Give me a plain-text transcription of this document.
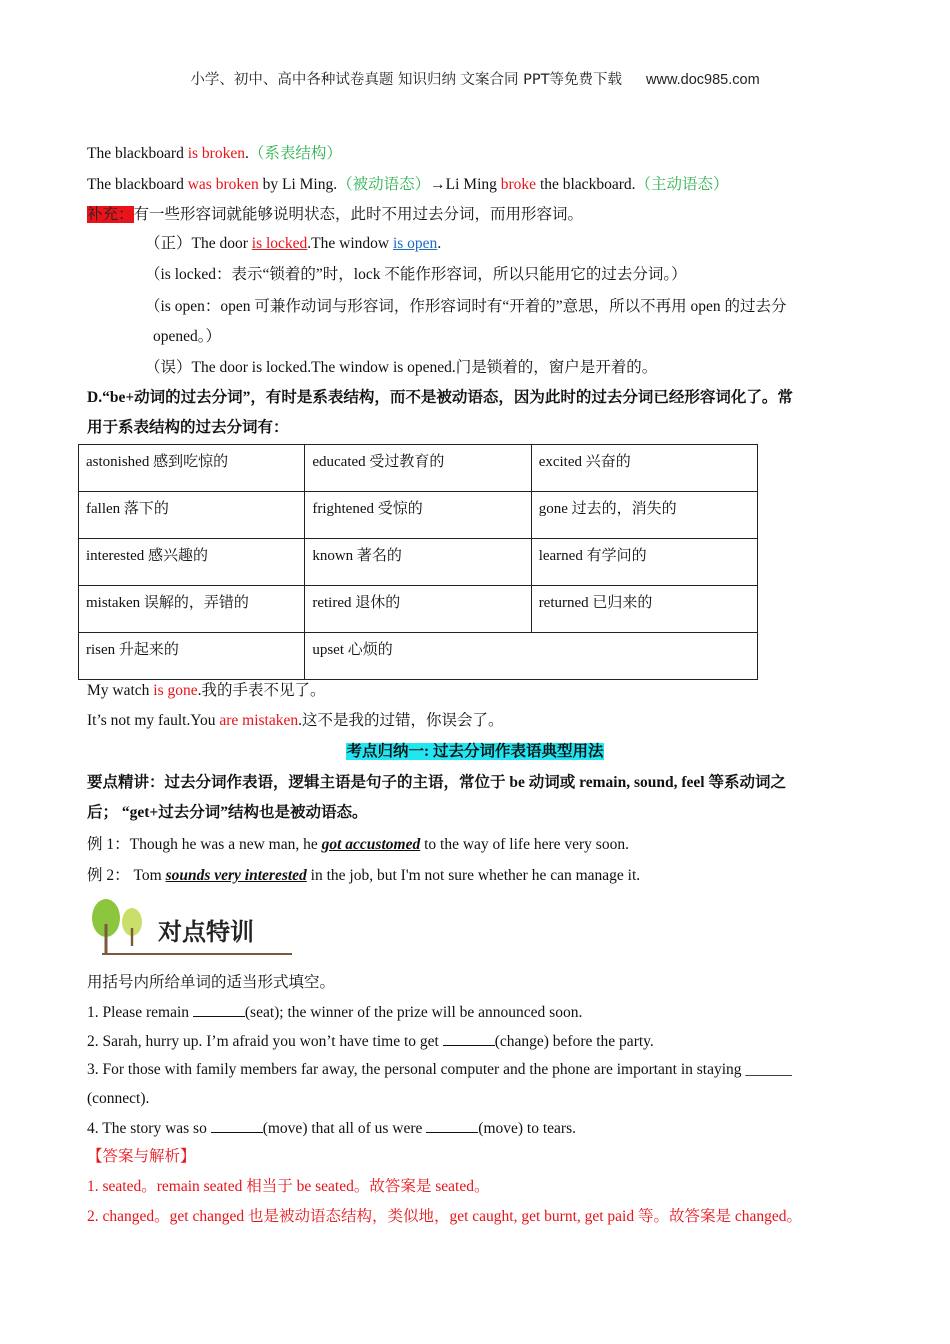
小学、初中、高中各种试卷真题 知识归纳 文案合同 PPT等免费下载 www.doc985.com
The blackboard is broken.（系表结构）
The blackboard was broken by Li Ming.（被动语态）→Li Ming broke the blackboard.（主动语态）
补充：有一些形容词就能够说明状态，此时不用过去分词，而用形容词。
（正）The door is locked.The window is open.
（is locked：表示“锁着的”时，lock 不能作形容词，所以只能用它的过去分词。）
（is open：open 可兼作动词与形容词，作形容词时有“开着的”意思，所以不再用 open 的过去分
opened。）
（误）The door is locked.The window is opened.门是锁着的，窗户是开着的。
D.“be+动词的过去分词”，有时是系表结构，而不是被动语态，因为此时的过去分词已经形容词化了。常
用于系表结构的过去分词有：
astonished 感到吃惊的	educated 受过教育的	excited 兴奋的
fallen 落下的	frightened 受惊的	gone 过去的，消失的
interested 感兴趣的	known 著名的	learned 有学问的
mistaken 误解的，弄错的	retired 退休的	returned 已归来的
risen 升起来的	upset 心烦的	
My watch is gone.我的手表不见了。
It’s not my fault.You are mistaken.这不是我的过错，你误会了。
考点归纳一: 过去分词作表语典型用法
要点精讲：过去分词作表语，逻辑主语是句子的主语，常位于 be 动词或 remain, sound, feel 等系动词之
后； “get+过去分词”结构也是被动语态。
例 1：Though he was a new man, he got accustomed to the way of life here very soon.
例 2： Tom sounds very interested in the job, but I'm not sure whether he can manage it.
对点特训
用括号内所给单词的适当形式填空。
1. Please remain	(seat); the winner of the prize will be announced soon.
2. Sarah, hurry up. I’m afraid you won’t have time to get	(change) before the party.
3. For those with family members far away, the personal computer and the phone are important in staying ______
(connect).
4. The story was so	(move) that all of us were	(move) to tears.
【答案与解析】
1. seated。remain seated 相当于 be seated。故答案是 seated。
2. changed。get changed 也是被动语态结构，类似地，get caught, get burnt, get paid 等。故答案是 changed。
